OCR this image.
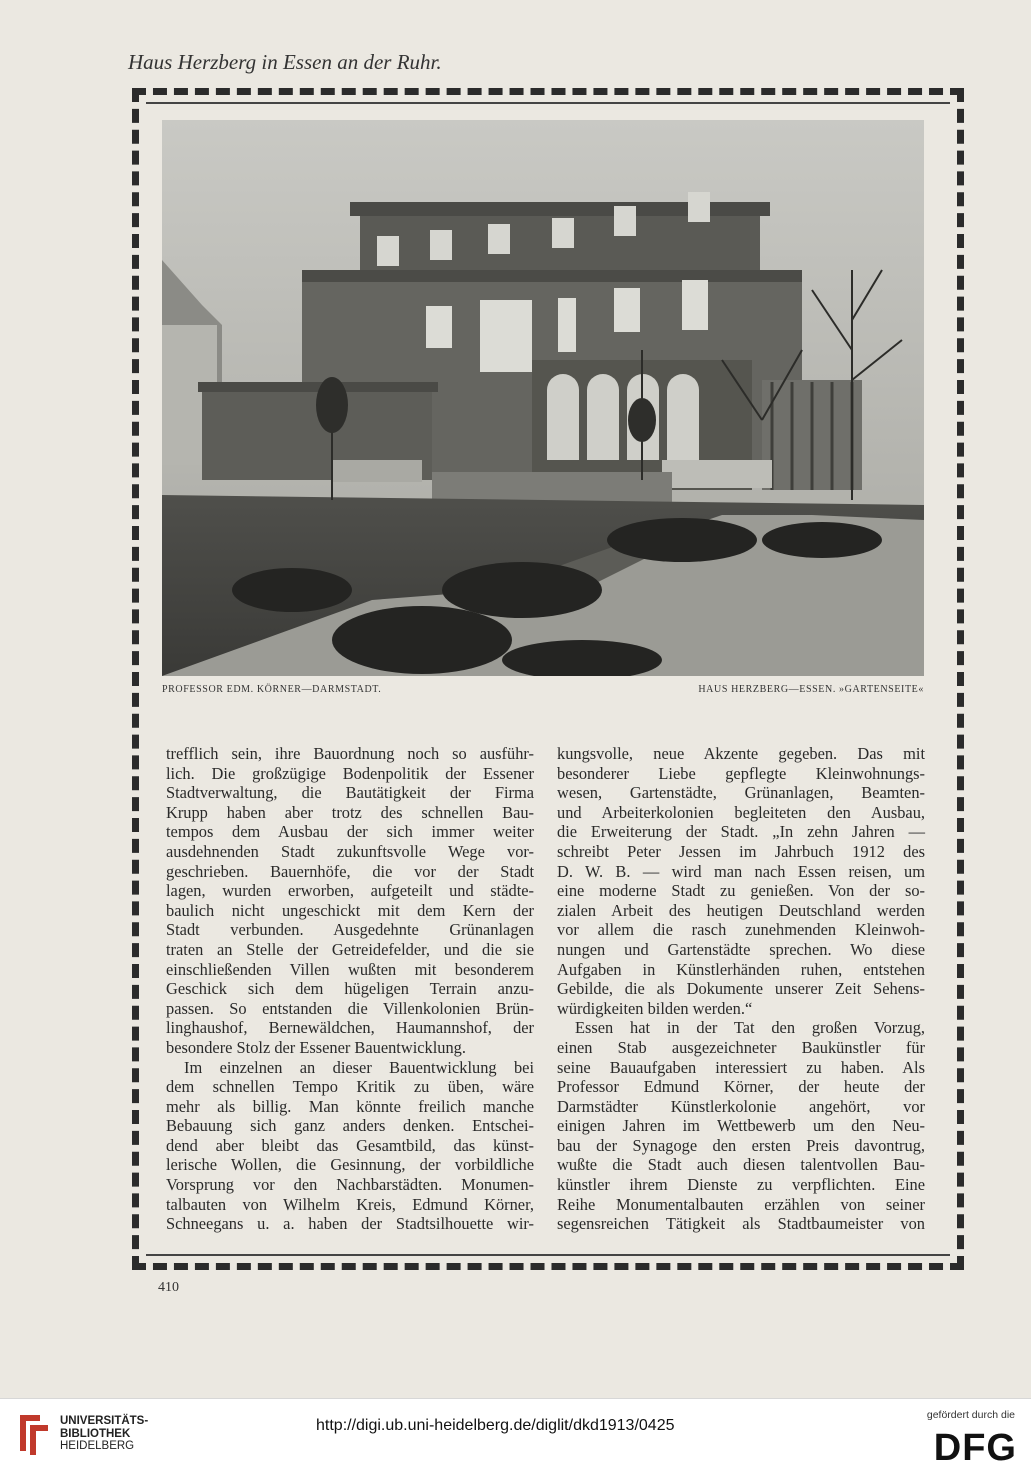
Haus Herzberg in Essen an der Ruhr.
PROFESSOR EDM. KÖRNER—DARMSTADT.	HAUS HERZBERG—ESSEN. »GARTENSEITE«
trefflich sein, ihre Bauordnung noch so ausführ-
lich. Die großzügige Bodenpolitik der Essener
Stadtverwaltung, die Bautätigkeit der Firma
Krupp haben aber trotz des schnellen Bau-
tempos dem Ausbau der sich immer weiter
ausdehnenden Stadt zukunftsvolle Wege vor-
geschrieben. Bauernhöfe, die vor der Stadt
lagen, wurden erworben, aufgeteilt und städte-
baulich nicht ungeschickt mit dem Kern der
Stadt verbunden. Ausgedehnte Grünanlagen
traten an Stelle der Getreidefelder, und die sie
einschließenden Villen wußten mit besonderem
Geschick sich dem hügeligen Terrain anzu-
passen. So entstanden die Villenkolonien Brün-
linghaushof, Bernewäldchen, Haumannshof, der
besondere Stolz der Essener Bauentwicklung.
Im einzelnen an dieser Bauentwicklung bei
dem schnellen Tempo Kritik zu üben, wäre
mehr als billig. Man könnte freilich manche
Bebauung sich ganz anders denken. Entschei-
dend aber bleibt das Gesamtbild, das künst-
lerische Wollen, die Gesinnung, der vorbildliche
Vorsprung vor den Nachbarstädten. Monumen-
talbauten von Wilhelm Kreis, Edmund Körner,
Schneegans u. a. haben der Stadtsilhouette wir-
kungsvolle, neue Akzente gegeben. Das mit
besonderer Liebe gepflegte Kleinwohnungs-
wesen, Gartenstädte, Grünanlagen, Beamten-
und Arbeiterkolonien begleiteten den Ausbau,
die Erweiterung der Stadt. „In zehn Jahren —
schreibt Peter Jessen im Jahrbuch 1912 des
D. W. B. — wird man nach Essen reisen, um
eine moderne Stadt zu genießen. Von der so-
zialen Arbeit des heutigen Deutschland werden
vor allem die rasch zunehmenden Kleinwoh-
nungen und Gartenstädte sprechen. Wo diese
Aufgaben in Künstlerhänden ruhen, entstehen
Gebilde, die als Dokumente unserer Zeit Sehens-
würdigkeiten bilden werden.“
Essen hat in der Tat den großen Vorzug,
einen Stab ausgezeichneter Baukünstler für
seine Bauaufgaben interessiert zu haben. Als
Professor Edmund Körner, der heute der
Darmstädter Künstlerkolonie angehört, vor
einigen Jahren im Wettbewerb um den Neu-
bau der Synagoge den ersten Preis davontrug,
wußte die Stadt auch diesen talentvollen Bau-
künstler ihrem Dienste zu verpflichten. Eine
Reihe Monumentalbauten erzählen von seiner
segensreichen Tätigkeit als Stadtbaumeister von
410
UNIVERSITÄTS-
BIBLIOTHEK
HEIDELBERG
http://digi.ub.uni-heidelberg.de/diglit/dkd1913/0425
gefördert durch die
DFG
